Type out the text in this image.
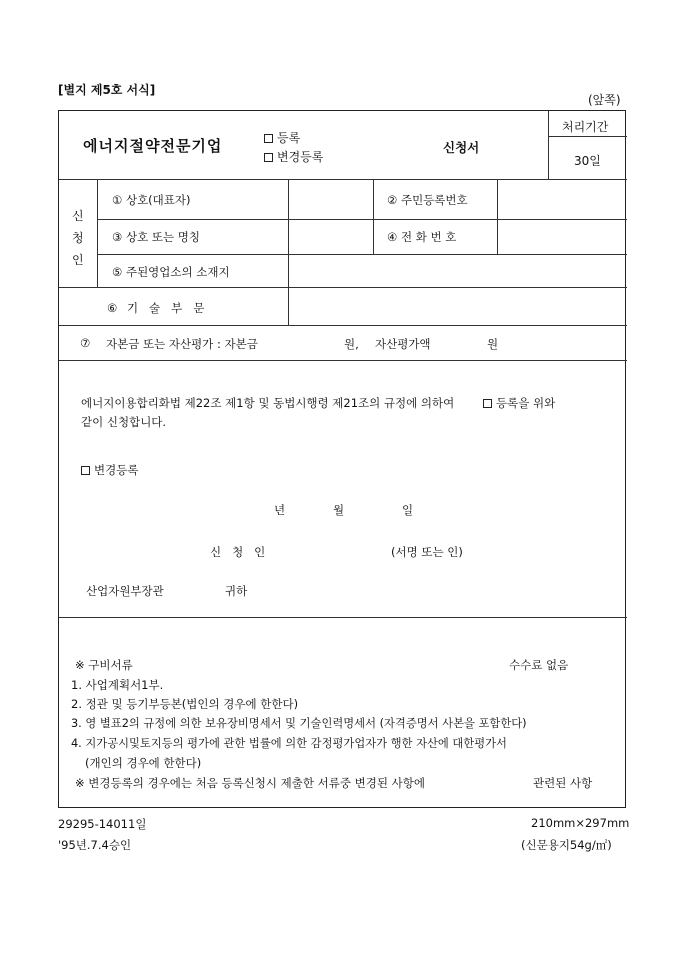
[별지 제5호 서식]
(앞쪽)
에너지절약전문기업	등록
변경등록
신청서
처리기간
30일
신
청
인
① 상호(대표자)	② 주민등록번호
③ 상호 또는 명칭	④ 전 화 번 호
⑤ 주된영업소의 소재지
⑥ 기   술   부   문
⑦ 자본금 또는 자산평가 : 자본금	원, 자산평가액	원
에너지이용합리화법 제22조 제1항 및 동법시행령 제21조의 규정에 의하여	등록을 위와
같이 신청합니다.
변경등록
년	월	일
신   청   인	(서명 또는 인)
산업자원부장관	귀하
※ 구비서류	수수료 없음
1. 사업계획서1부.
2. 정관 및 등기부등본(법인의 경우에 한한다)
3. 영 별표2의 규정에 의한 보유장비명세서 및 기술인력명세서 (자격증명서 사본을 포함한다)
4. 지가공시및토지등의 평가에 관한 법률에 의한 감정평가업자가 행한 자산에 대한평가서
(개인의 경우에 한한다)
※ 변경등록의 경우에는 처음 등록신청시 제출한 서류중 변경된 사항에	관련된 사항
29295-14011일
'95년.7.4승인
210mm×297mm
(신문용지54g/㎡)
